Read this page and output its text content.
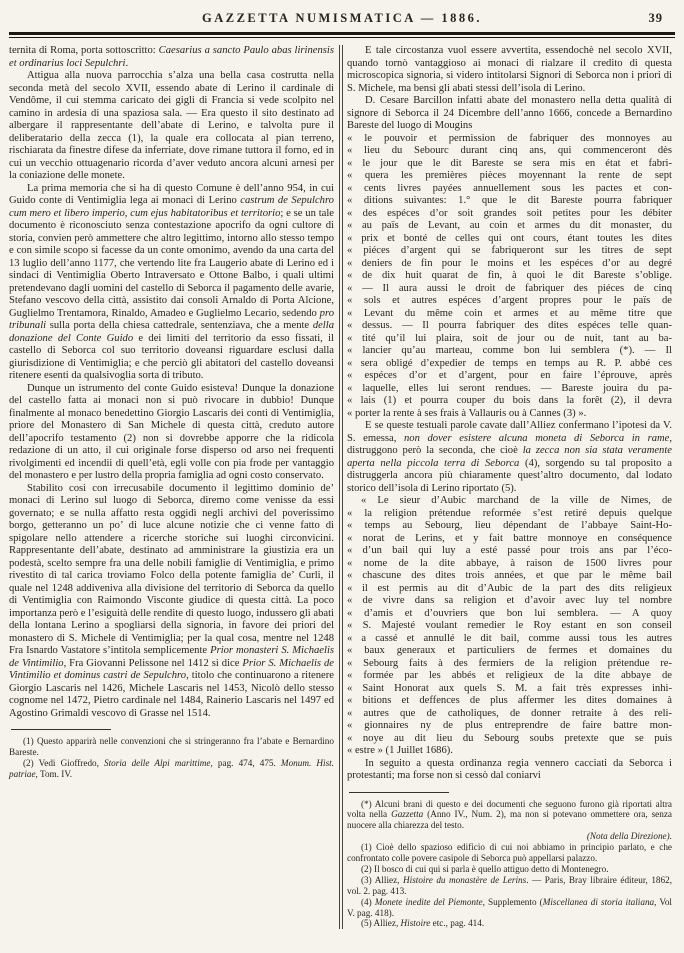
GAZZETTA NUMISMATICA — 1886.	39

ternita di Roma, porta sottoscritto: Caesarius a sancto Paulo abas lirinensis et ordinarius loci Sepulchri.

Attigua alla nuova parrocchia s’alza una bella casa costrutta nella seconda metà del secolo XVII, essendo abate di Lerino il cardinale di Vendôme, il cui stemma caricato dei gigli di Francia si vede scolpito nel camino in ardesia di una spaziosa sala. — Era questo il sito destinato ad albergare il rappresentante dell’abate di Lerino, e talvolta pure il deliberatario della zecca (1), la quale era collocata al pian terreno, rischiarata da finestre difese da inferriate, dove rimane tuttora il forno, ed in cui un vecchio ottuagenario ricorda d’aver veduto ancora alcuni arnesi per la coniazione delle monete.

La prima memoria che si ha di questo Comune è dell’anno 954, in cui Guido conte di Ventimiglia lega ai monaci di Lerino castrum de Sepulchro cum mero et libero imperio, cum ejus habitatoribus et territorio; e se un tale documento è riconosciuto senza contestazione apocrifo da ogni cultore di storia, convien però ammettere che altro legittimo, intorno allo stesso tempo e con simile scopo si facesse da un conte omonimo, avendo da una carta del 13 luglio dell’anno 1177, che vertendo lite fra Laugerio abate di Lerino ed i sindaci di Ventimiglia Oberto Intraversato e Ottone Balbo, i quali ultimi pretendevano dagli uomini del castello di Seborca il pagamento delle avarie, Stefano vescovo della città, assistito dai consoli Arnaldo di Porta Alcione, Guglielmo Trentamora, Rinaldo, Amadeo e Guglielmo Lecario, sedendo pro tribunali sulla porta della chiesa cattedrale, sentenziava, che a mente della donazione del Conte Guido e dei limiti del territorio da esso fissati, il castello di Seborca col suo territorio doveansi riguardare esclusi dalla giurisdizione di Ventimiglia; e che perciò gli abitatori del castello doveansi ritenere esenti da qualsivoglia sorta di tributo.

Dunque un istrumento del conte Guido esisteva! Dunque la donazione del castello fatta ai monaci non si può rivocare in dubbio! Dunque finalmente al monaco benedettino Giorgio Lascaris dei conti di Ventimiglia, priore del Monastero di San Michele di questa città, creduto autore dell’apocrifo testamento (2) non si dovrebbe apporre che la ridicola redazione di un atto, il cui originale forse disperso od arso nei frequenti rivolgimenti ed incendii di quell’età, egli volle con pia frode per vantaggio del monastero e per lustro della propria famiglia ad ogni costo conservato.

Stabilito così con irrecusabile documento il legittimo dominio de’ monaci di Lerino sul luogo di Seborca, diremo come venisse da essi governato; e se nulla affatto resta oggidì negli archivi del poverissimo borgo, getteranno un po’ di luce alcune notizie che ci venne fatto di spigolare nello attendere a ricerche storiche sui luoghi circonvicini. Rappresentante dell’abate, destinato ad amministrare la giustizia era un podestà, scelto sempre fra una delle nobili famiglie di Ventimiglia, e primo rivestito di tal carica troviamo Folco della potente famiglia de’ Curli, il quale nel 1248 addiveniva alla divisione del territorio di Seborca da quello di Ventimiglia con Raimondo Visconte giudice di questa città. La poco importanza però e l’esiguità delle rendite di questo luogo, indussero gli abati della lontana Lerino a spogliarsi della signoria, in favore dei priori del monastero di S. Michele di Ventimiglia; per la qual cosa, mentre nel 1248 Fra Isnardo Vastatore s’intitola semplicemente Prior monasteri S. Michaelis de Vintimilio, Fra Giovanni Pelissone nel 1412 si dice Prior S. Michaelis de Vintimilio et dominus castri de Sepulchro, titolo che continuarono a ritenere Giorgio Lascaris nel 1426, Michele Lascaris nel 1453, Nicolò dello stesso cognome nel 1472, Pietro cardinale nel 1484, Rainerio Lascaris nel 1497 ed Agostino Grimaldi vescovo di Grasse nel 1514.

(1) Questo apparirà nelle convenzioni che si stringeranno fra l’abate e Bernardino Bareste.

(2) Vedi Gioffredo, Storia delle Alpi marittime, pag. 474, 475. Monum. Hist. patriae, Tom. IV.

E tale circostanza vuol essere avvertita, essendochè nel secolo XVII, quando tornò vantaggioso ai monaci di rialzare il credito di questa microscopica signoria, si videro intitolarsi Signori di Seborca non i priori di S. Michele, ma bensì gli abati stessi dell’isola di Lerino.

D. Cesare Barcillon infatti abate del monastero nella detta qualità di signore di Seborca il 24 Dicembre dell’anno 1666, concede a Bernardino Bareste del luogo di Mougins

« le pouvoir et permission de fabriquer des monnoyes au
« lieu du Sebourc durant cinq ans, qui commenceront dès
« le jour que le dit Bareste se sera mis en état et fabri-
« quera les premières pièces moyennant la rente de sept
« cents livres payées annuellement sous les pactes et con-
« ditions suivantes: 1.° que le dit Bareste pourra fabriquer
« des espéces d’or soit grandes soit petites pour les débiter
« au païs de Levant, au coin et armes du dit monaster, du
« prix et bonté de celles qui ont cours, étant toutes les dites
« piéces d’argent qui se fabriqueront sur les titres de sept
« deniers de fin pour le moins et les espéces d’or au degré
« de dix huit quarat de fin, à quoi le dit Bareste s’oblige.
« — Il aura aussi le droit de fabriquer des piéces de cinq
« sols et autres espéces d’argent propres pour le païs de
« Levant du même coin et armes et au même titre que
« dessus. — Il pourra fabriquer des dites espéces telle quan-
« tité qu’il lui plaira, soit de jour ou de nuit, tant au ba-
« lancier qu’au marteau, comme bon lui semblera (*). — Il
« sera obligé d’expedier de temps en temps au R. P. abbé ces
« espéces d’or et d’argent, pour en faire l’éprouve, après
« laquelle, elles lui seront rendues. — Bareste jouira du pa-
« lais (1) et pourra couper du bois dans la forêt (2), il devra
« porter la rente à ses frais à Vallauris ou à Cannes (3) ».

E se queste testuali parole cavate dall’Alliez confermano l’ipotesi da V. S. emessa, non dover esistere alcuna moneta di Seborca in rame, distruggono però la seconda, che cioè la zecca non sia stata veramente aperta nella piccola terra di Seborca (4), sorgendo su tal proposito a distruggerla ancora più chiaramente quest’altro documento, dal lodato storico dell’isola di Lerino riportato (5).

« Le sieur d’Aubic marchand de la ville de Nimes, de
« la religion prétendue reformée s’est retiré depuis quelque
« temps au Sebourg, lieu dépendant de l’abbaye Saint-Ho-
« norat de Lerins, et y fait battre monnoye en conséquence
« d’un bail qui luy a esté passé pour trois ans par l’éco-
« nome de la dite abbaye, à raison de 1500 livres pour
« chascune des dites trois années, et que par le même bail
« il est permis au dit d’Aubic de la part des dits religieux
« de vivre dans sa religion et d’avoir avec luy tel nombre
« d’amis et d’ouvriers que bon lui semblera. — A quoy
« S. Majesté voulant remedier le Roy estant en son conseil
« a cassé et annullé le dit bail, comme aussi tous les autres
« baux generaux et particuliers de fermes et domaines du
« Sebourg faits à des fermiers de la religion prétendue re-
« formée par les abbés et religieux de la dite abbaye de
« Saint Honorat aux quels S. M. a fait très expresses inhi-
« bitions et deffences de plus affermer les dites domaines à
« autres que de catholiques, de donner retraite à des reli-
« gionnaires ny de plus entreprendre de faire battre mon-
« noye au dit lieu du Sebourg soubs pretexte que se puis
« estre » (1 Juillet 1686).

In seguito a questa ordinanza regia vennero cacciati da Seborca i protestanti; ma forse non si cessò dal coniarvi

(*) Alcuni brani di questo e dei documenti che seguono furono già riportati altra volta nella Gazzetta (Anno IV., Num. 2), ma non si potevano ommettere ora, senza nuocere alla chiarezza del testo.

(Nota della Direzione).

(1) Cioè dello spazioso edificio di cui noi abbiamo in principio parlato, e che confrontato colle povere casipole di Seborca può appellarsi palazzo.

(2) Il bosco di cui qui si parla è quello attiguo detto di Montenegro.

(3) Alliez, Histoire du monastère de Lerins. — Paris, Bray libraire éditeur, 1862, vol. 2. pag. 413.

(4) Monete inedite del Piemonte, Supplemento (Miscellanea di storia italiana, Vol V. pag. 418).

(5) Alliez, Histoire etc., pag. 414.
